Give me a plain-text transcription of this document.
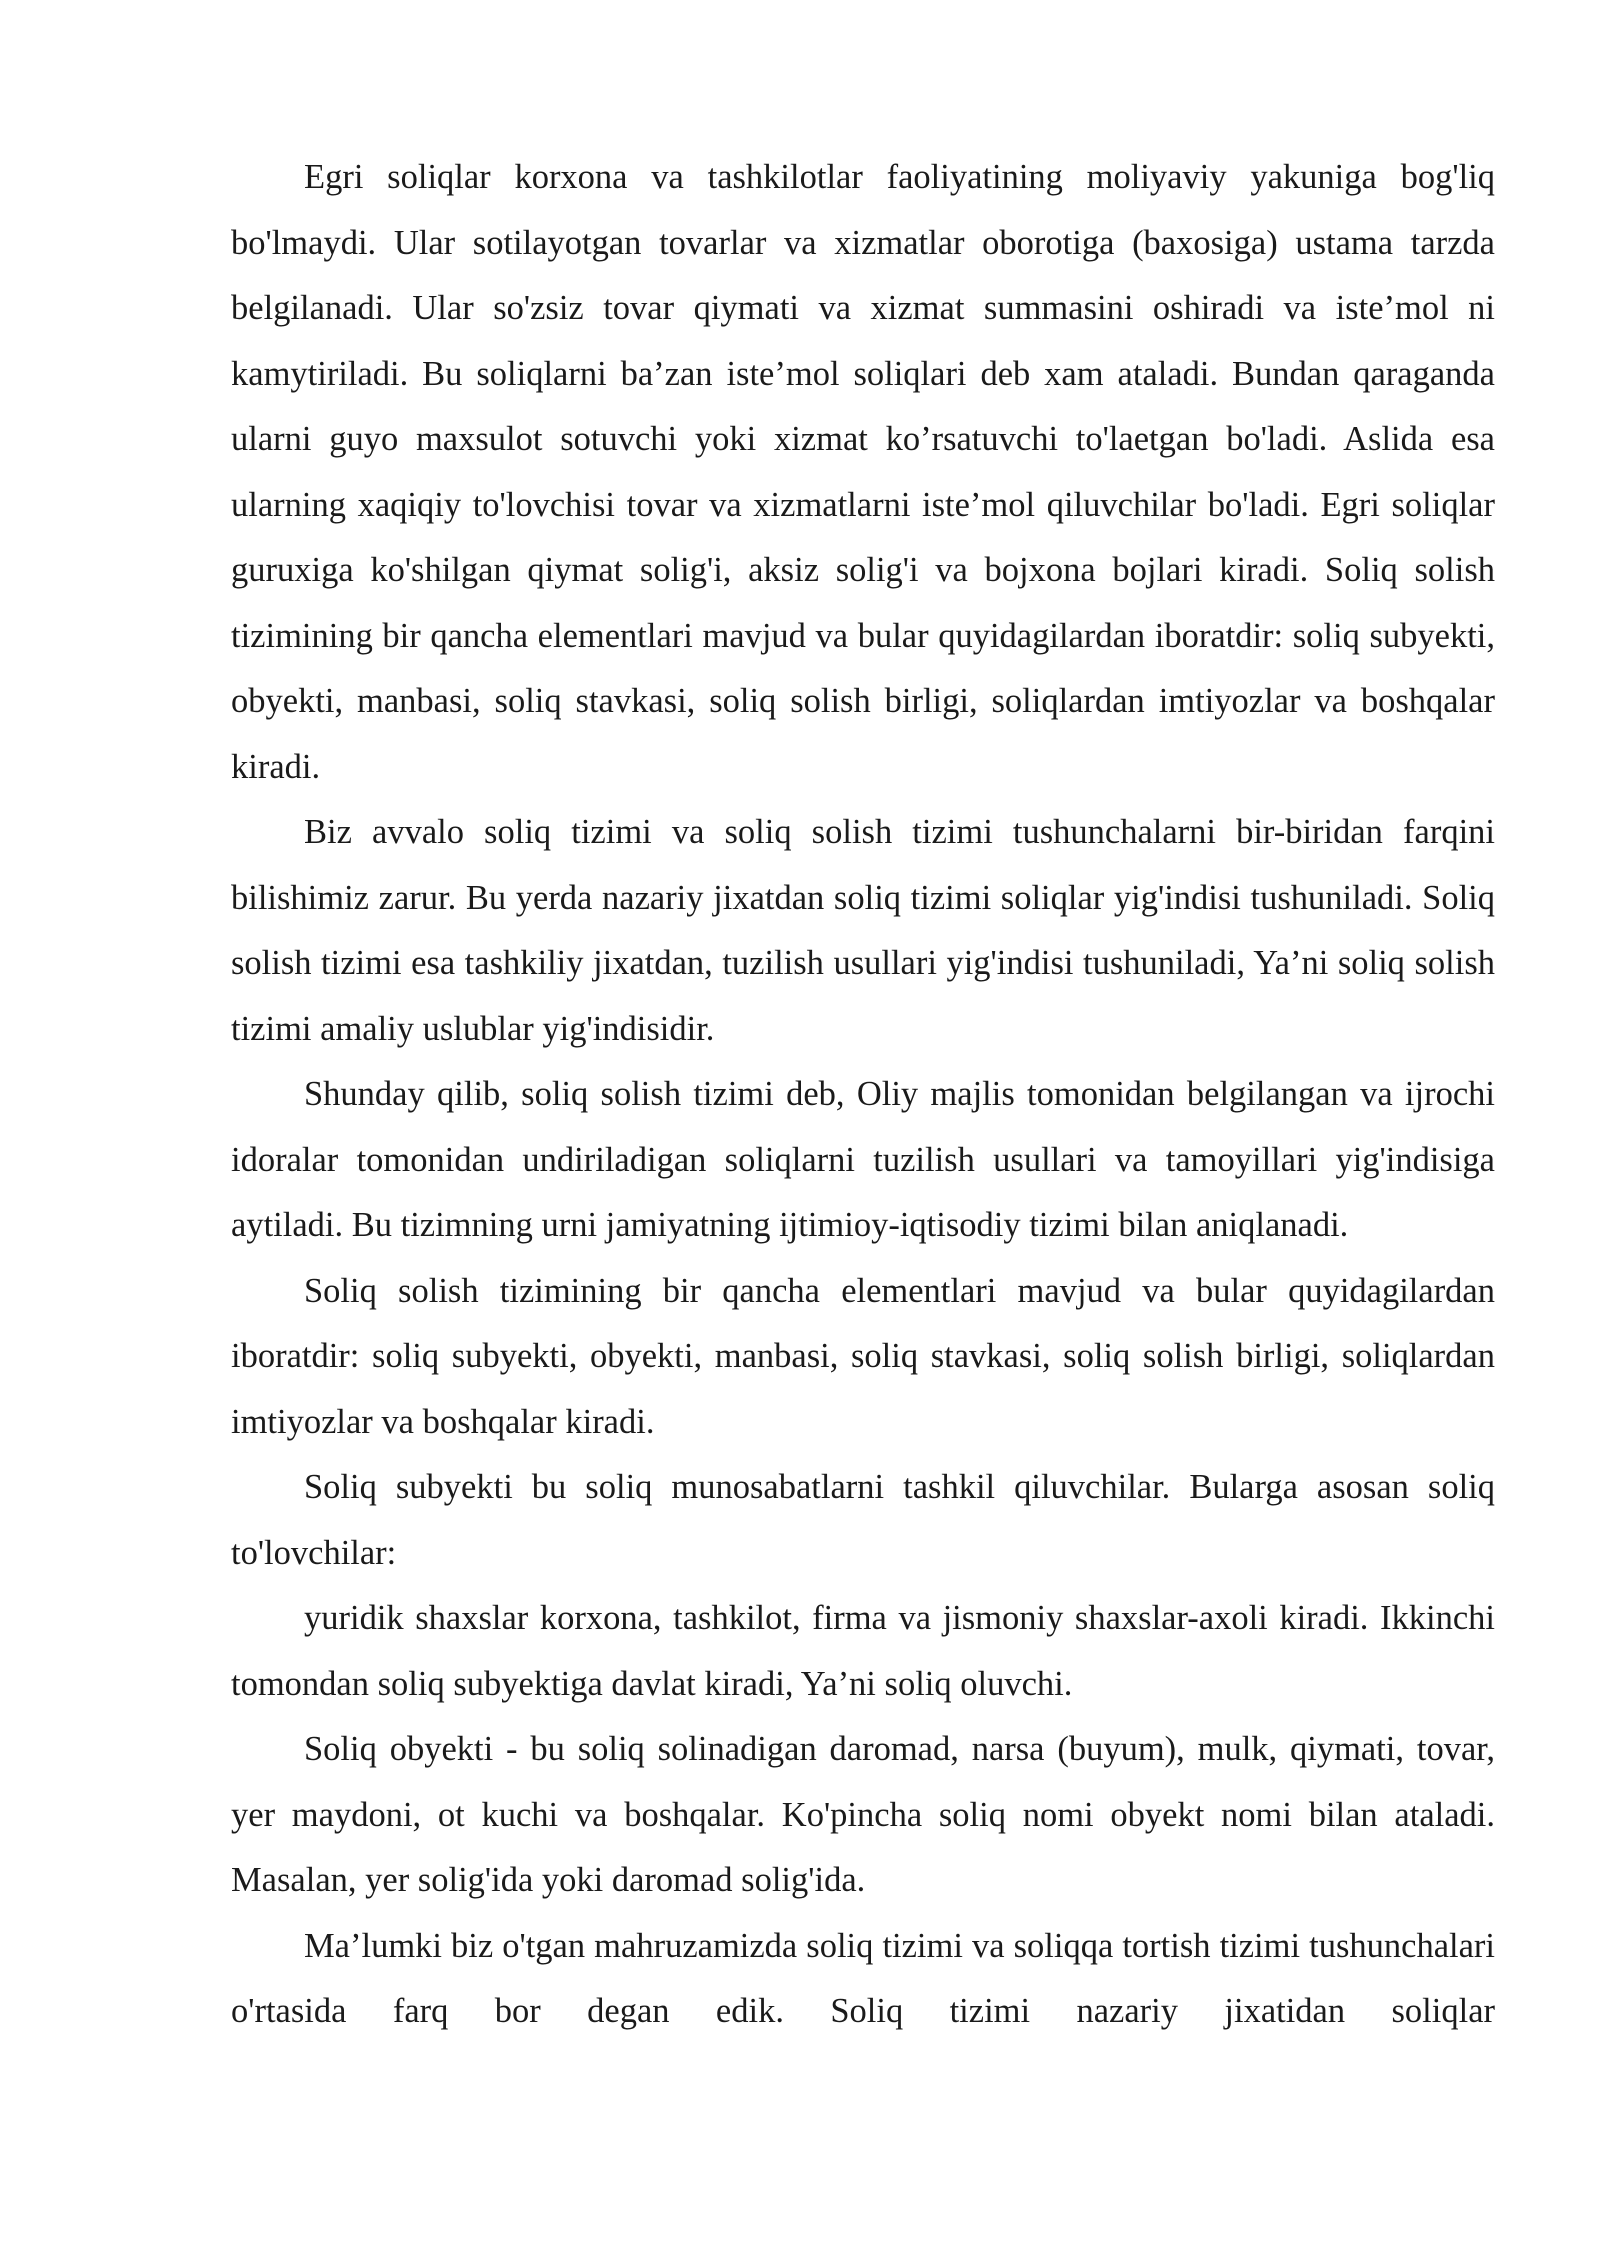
Egri soliqlar korxona va tashkilotlar faoliyatining moliyaviy yakuniga bog'liq bo'lmaydi. Ular sotilayotgan tovarlar va xizmatlar oborotiga (baxosiga) ustama tarzda belgilanadi. Ular so'zsiz tovar qiymati va xizmat summasini oshiradi va iste’mol ni kamytiriladi. Bu soliqlarni ba’zan iste’mol soliqlari deb xam ataladi. Bundan qaraganda ularni guyo maxsulot sotuvchi yoki xizmat ko’rsatuvchi to'laetgan bo'ladi. Aslida esa ularning xaqiqiy to'lovchisi tovar va xizmatlarni iste’mol qiluvchilar bo'ladi. Egri soliqlar guruxiga ko'shilgan qiymat solig'i, aksiz solig'i va bojxona bojlari kiradi. Soliq solish tizimining bir qancha elementlari mavjud va bular quyidagilardan iboratdir: soliq subyekti, obyekti, manbasi, soliq stavkasi, soliq solish birligi, soliqlardan imtiyozlar va boshqalar kiradi.

Biz avvalo soliq tizimi va soliq solish tizimi tushunchalarni bir-biridan farqini bilishimiz zarur. Bu yerda nazariy jixatdan soliq tizimi soliqlar yig'indisi tushuniladi. Soliq solish tizimi esa tashkiliy jixatdan, tuzilish usullari yig'indisi tushuniladi, Ya’ni soliq solish tizimi amaliy uslublar yig'indisidir.

Shunday qilib, soliq solish tizimi deb, Oliy majlis tomonidan belgilangan va ijrochi idoralar tomonidan undiriladigan soliqlarni tuzilish usullari va tamoyillari yig'indisiga aytiladi. Bu tizimning urni jamiyatning ijtimioy-iqtisodiy tizimi bilan aniqlanadi.

Soliq solish tizimining bir qancha elementlari mavjud va bular quyidagilardan iboratdir: soliq subyekti, obyekti, manbasi, soliq stavkasi, soliq solish birligi, soliqlardan imtiyozlar va boshqalar kiradi.

Soliq subyekti bu soliq munosabatlarni tashkil qiluvchilar. Bularga asosan soliq to'lovchilar:

yuridik shaxslar korxona, tashkilot, firma va jismoniy shaxslar-axoli kiradi. Ikkinchi tomondan soliq subyektiga davlat kiradi, Ya’ni soliq oluvchi.

Soliq obyekti - bu soliq solinadigan daromad, narsa (buyum), mulk, qiymati, tovar, yer maydoni, ot kuchi va boshqalar. Ko'pincha soliq nomi obyekt nomi bilan ataladi. Masalan, yer solig'ida yoki daromad solig'ida.

Ma’lumki biz o'tgan mahruzamizda soliq tizimi va soliqqa tortish tizimi tushunchalari o'rtasida farq bor degan edik. Soliq tizimi nazariy jixatidan soliqlar
